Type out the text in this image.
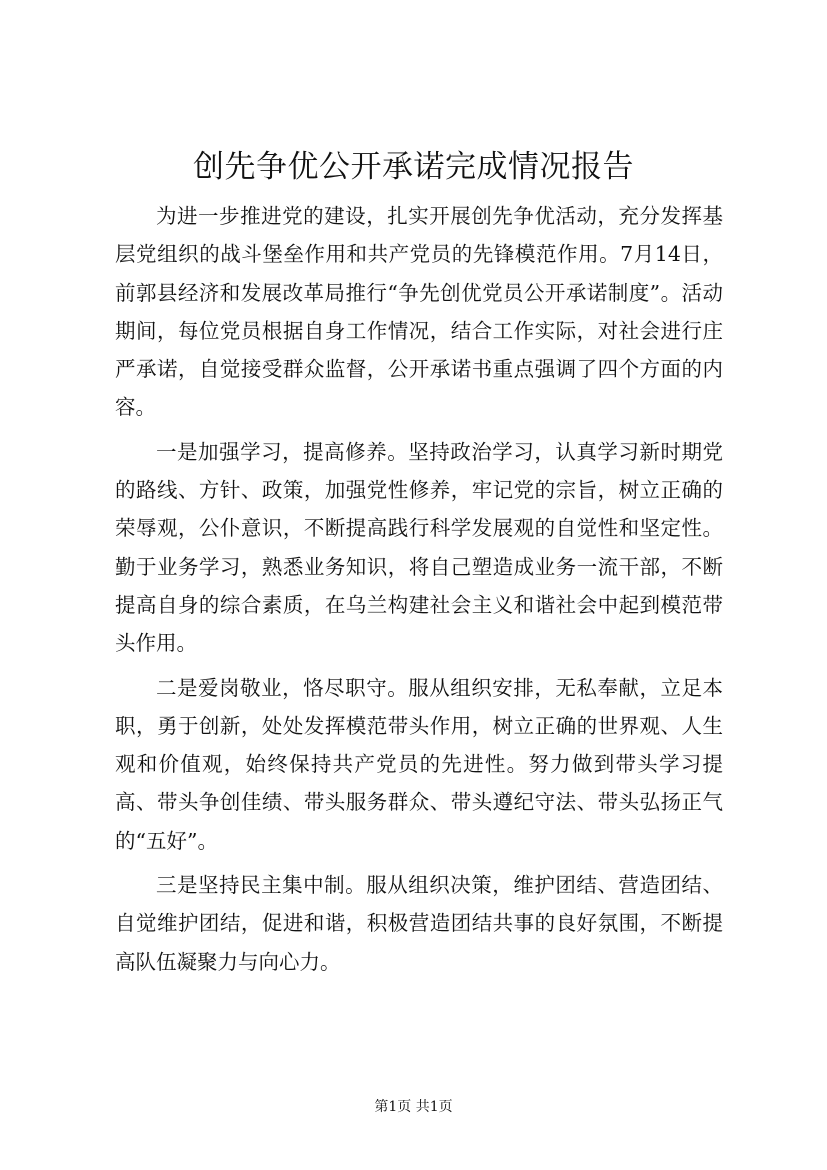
创先争优公开承诺完成情况报告

为进一步推进党的建设，扎实开展创先争优活动，充分发挥基层党组织的战斗堡垒作用和共产党员的先锋模范作用。7月14日，前郭县经济和发展改革局推行“争先创优党员公开承诺制度”。活动期间，每位党员根据自身工作情况，结合工作实际，对社会进行庄严承诺，自觉接受群众监督，公开承诺书重点强调了四个方面的内容。

一是加强学习，提高修养。坚持政治学习，认真学习新时期党的路线、方针、政策，加强党性修养，牢记党的宗旨，树立正确的荣辱观，公仆意识，不断提高践行科学发展观的自觉性和坚定性。勤于业务学习，熟悉业务知识，将自己塑造成业务一流干部，不断提高自身的综合素质，在乌兰构建社会主义和谐社会中起到模范带头作用。

二是爱岗敬业，恪尽职守。服从组织安排，无私奉献，立足本职，勇于创新，处处发挥模范带头作用，树立正确的世界观、人生观和价值观，始终保持共产党员的先进性。努力做到带头学习提高、带头争创佳绩、带头服务群众、带头遵纪守法、带头弘扬正气的“五好”。

三是坚持民主集中制。服从组织决策，维护团结、营造团结、自觉维护团结，促进和谐，积极营造团结共事的良好氛围，不断提高队伍凝聚力与向心力。

第1页 共1页
